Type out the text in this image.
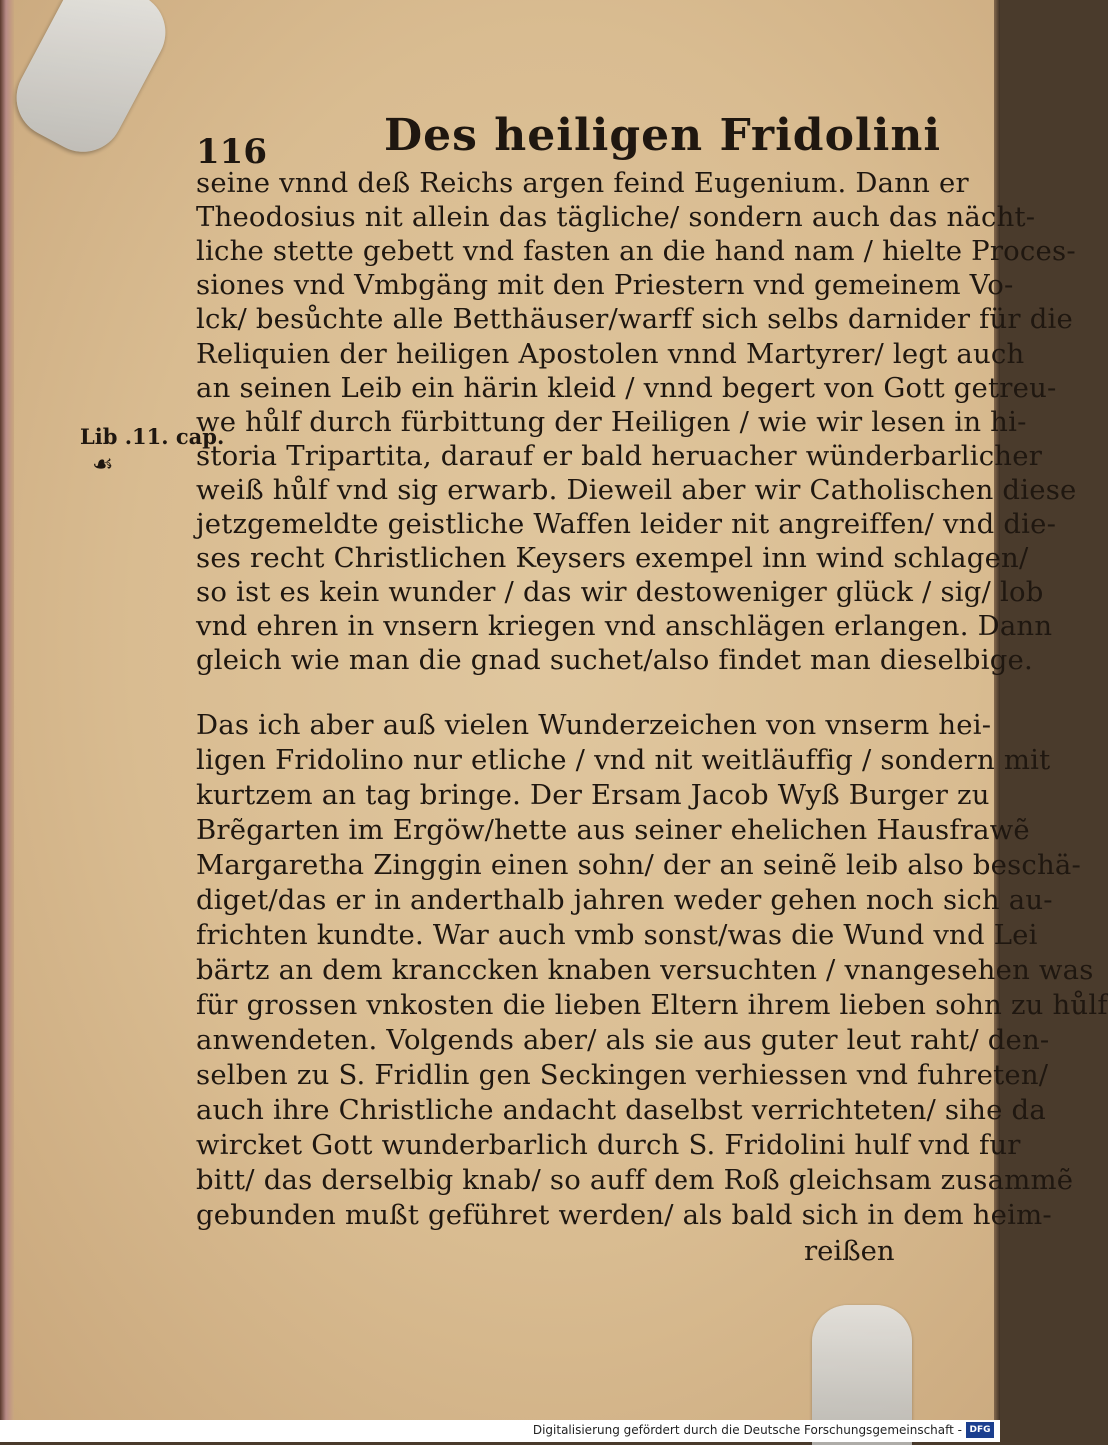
116	Des heiligen Fridolini
Lib .11. cap.
☙
seine vnnd deß Reichs argen feind Eugenium. Dann er
Theodosius nit allein das tägliche/ sondern auch das nächt-
liche stette gebett vnd fasten an die hand nam / hielte Proces-
siones vnd Vmbgäng mit den Priestern vnd gemeinem Vo-
lck/ besůchte alle Betthäuser/warff sich selbs darnider für die
Reliquien der heiligen Apostolen vnnd Martyrer/ legt auch
an seinen Leib ein härin kleid / vnnd begert von Gott getreu-
we hůlf durch fürbittung der Heiligen / wie wir lesen in hi-
storia Tripartita, darauf er bald heruacher wünderbarlicher
weiß hůlf vnd sig erwarb. Dieweil aber wir Catholischen diese
jetzgemeldte geistliche Waffen leider nit angreiffen/ vnd die-
ses recht Christlichen Keysers exempel inn wind schlagen/
so ist es kein wunder / das wir destoweniger glück / sig/ lob
vnd ehren in vnsern kriegen vnd anschlägen erlangen. Dann
gleich wie man die gnad suchet/also findet man dieselbige.
Das ich aber auß vielen Wunderzeichen von vnserm hei-
ligen Fridolino nur etliche / vnd nit weitläuffig / sondern mit
kurtzem an tag bringe. Der Ersam Jacob Wyß Burger zu
Brẽgarten im Ergöw/hette aus seiner ehelichen Hausfrawẽ
Margaretha Zinggin einen sohn/ der an seinẽ leib also beschä-
diget/das er in anderthalb jahren weder gehen noch sich au-
frichten kundte. War auch vmb sonst/was die Wund vnd Lei
bärtz an dem kranccken knaben versuchten / vnangesehen was
für grossen vnkosten die lieben Eltern ihrem lieben sohn zu hůlf
anwendeten. Volgends aber/ als sie aus guter leut raht/ den-
selben zu S. Fridlin gen Seckingen verhiessen vnd fuhreten/
auch ihre Christliche andacht daselbst verrichteten/ sihe da
wircket Gott wunderbarlich durch S. Fridolini hulf vnd fur
bitt/ das derselbig knab/ so auff dem Roß gleichsam zusammẽ
gebunden mußt geführet werden/ als bald sich in dem heim-
reißen
Digitalisierung gefördert durch die Deutsche Forschungsgemeinschaft - DFG
